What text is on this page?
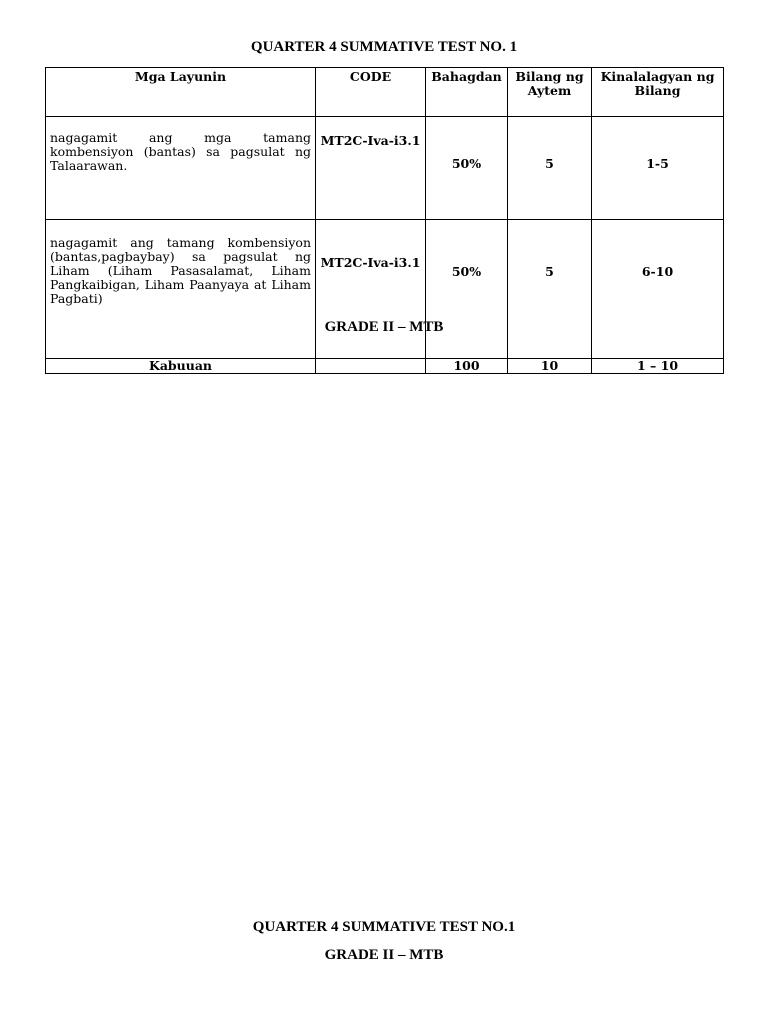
QUARTER 4 SUMMATIVE TEST NO. 1
Mga Layunin	CODE	Bahagdan	Bilang ng Aytem	Kinalalagyan ng Bilang
nagagamit ang mga tamang kombensiyon (bantas) sa pagsulat ng Talaarawan.	MT2C-Iva-i3.1	50%	5	1-5
nagagamit ang tamang kombensiyon (bantas,pagbaybay) sa pagsulat ng Liham (Liham Pasasalamat, Liham Pangkaibigan, Liham Paanyaya at Liham Pagbati)	MT2C-Iva-i3.1	50%	5	6-10
Kabuuan		100	10	1 – 10
GRADE II – MTB
QUARTER 4 SUMMATIVE TEST NO.1
GRADE II – MTB
